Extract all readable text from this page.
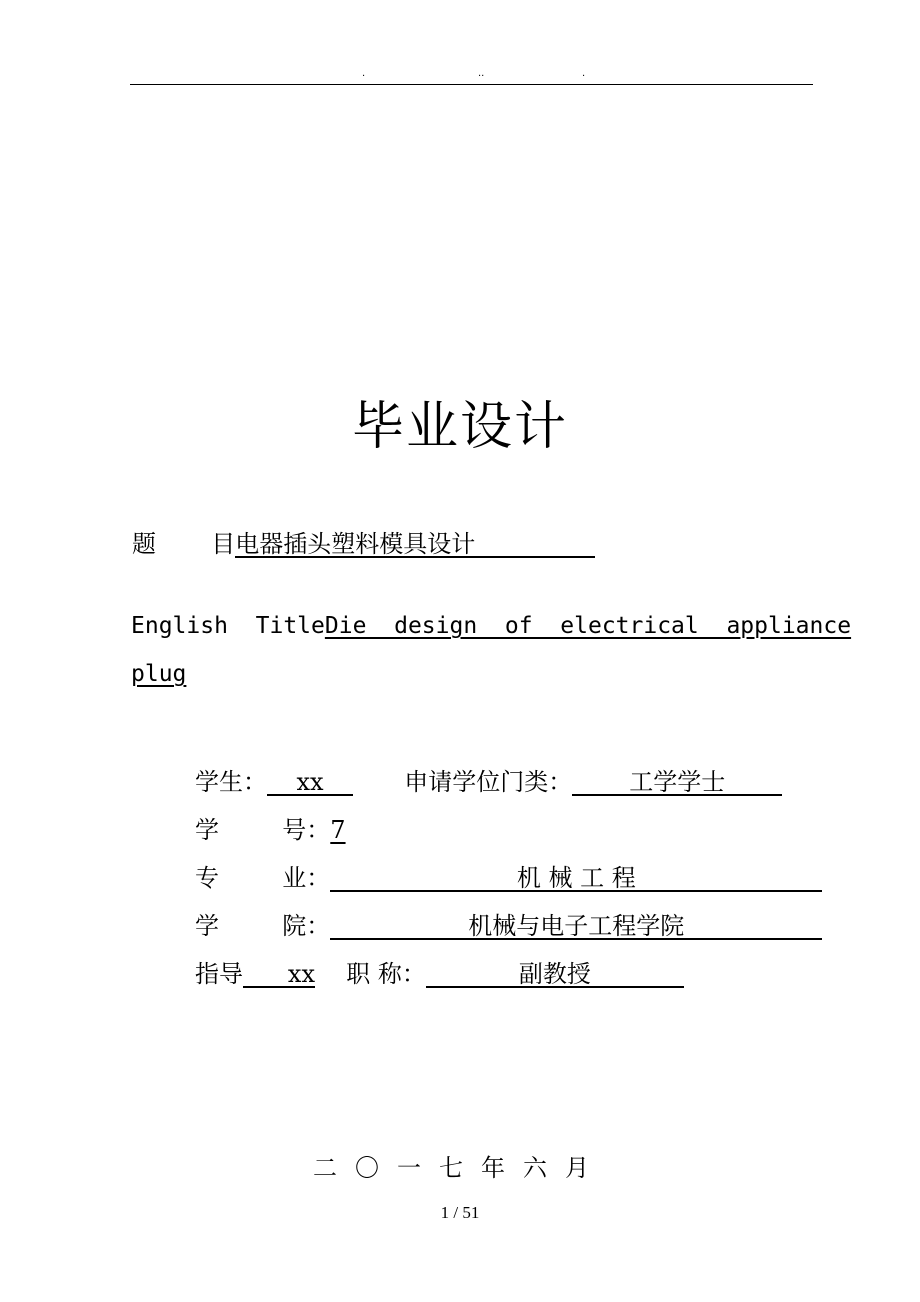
.	..	.
毕业设计
题 目电器插头塑料模具设计
English  TitleDie  design  of  electrical  appliance
plug
学生： xx	申请学位门类： 工学学士
学	号：7
专	业：	机 械 工 程
学	院：	机械与电子工程学院
指导 xx 职 称：	副教授
二〇一七年六月
1 / 51
